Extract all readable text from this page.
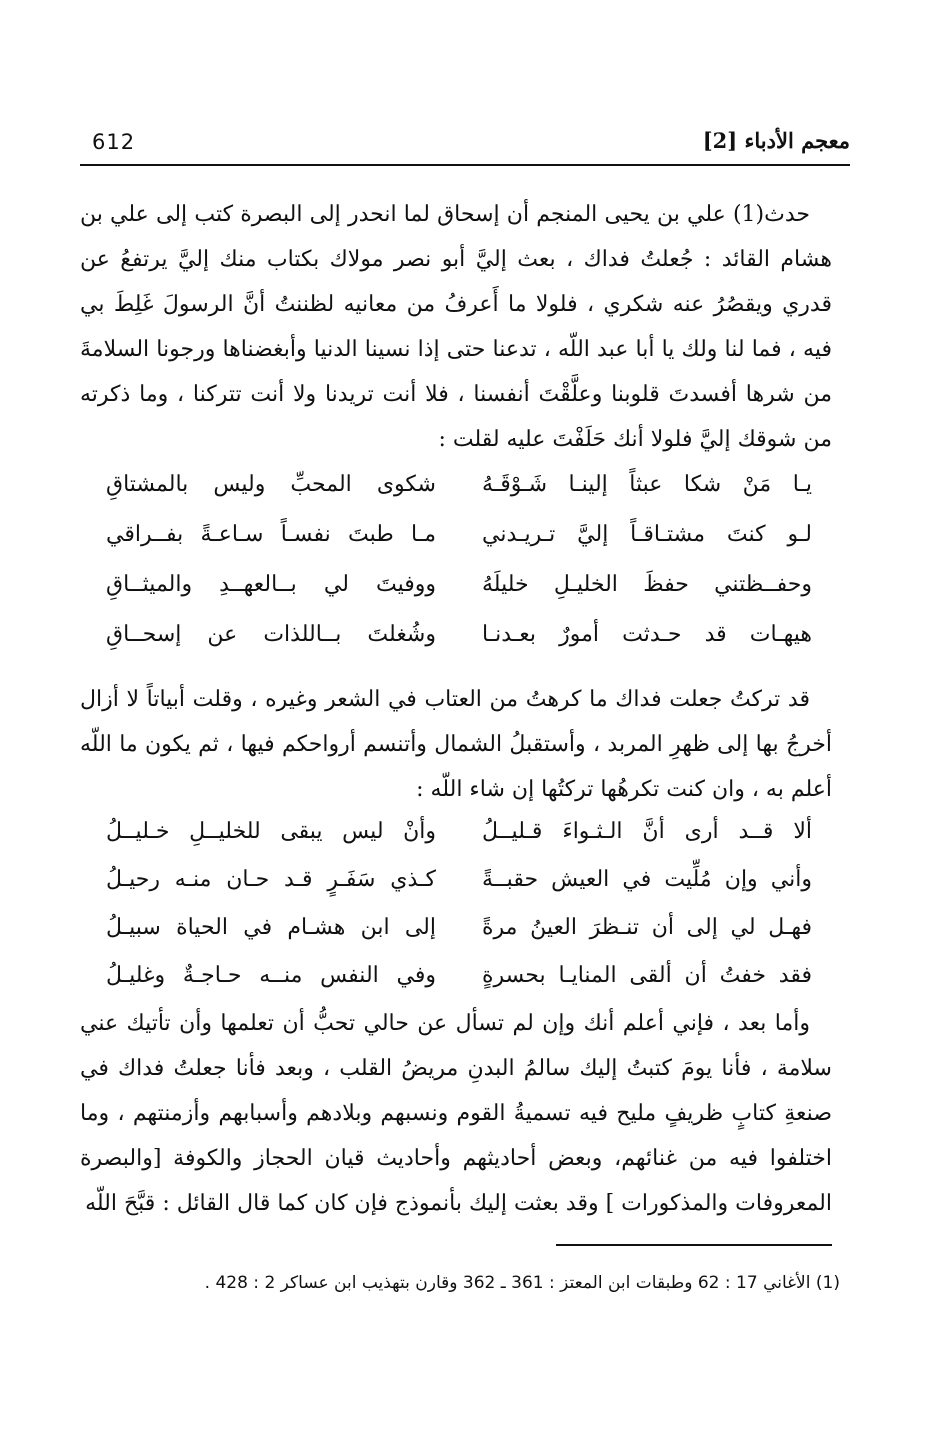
612	معجم الأدباء [2]

حدث(1) علي بن يحيى المنجم أن إسحاق لما انحدر إلى البصرة كتب إلى علي بن هشام القائد : جُعلتُ فداك ، بعث إليَّ أبو نصر مولاك بكتاب منك إليَّ يرتفعُ عن قدري ويقصُرُ عنه شكري ، فلولا ما أَعرفُ من معانيه لظننتُ أنَّ الرسولَ غَلِطَ بي فيه ، فما لنا ولك يا أبا عبد اللّه ، تدعنا حتى إذا نسينا الدنيا وأبغضناها ورجونا السلامةَ من شرها أفسدتَ قلوبنا وعلَّقْتَ أنفسنا ، فلا أنت تريدنا ولا أنت تتركنا ، وما ذكرته من شوقك إليَّ فلولا أنك حَلَفْتَ عليه لقلت :

يـا مَنْ شكا عبثاً إلينـا شَـوْقَـهُ
شكوى المحبِّ وليس بالمشتاقِ
لـو كنتَ مشتـاقـاً إليَّ تـريـدني
مـا طبتَ نفسـاً سـاعـةً بفــراقي
وحفــظتني حفظَ الخليـلِ خليلَهُ
ووفيتَ لي بــالعهــدِ والميثــاقِ
هيهـات قد حـدثت أمورٌ بعـدنـا
وشُغلتَ بــاللذات عن إسحــاقِ

قد تركتُ جعلت فداك ما كرهتُ من العتاب في الشعر وغيره ، وقلت أبياتاً لا أزال أخرجُ بها إلى ظهرِ المربد ، وأستقبلُ الشمال وأتنسم أرواحكم فيها ، ثم يكون ما اللّه أعلم به ، وان كنت تكرهُها تركتُها إن شاء اللّه :

ألا قــد أرى أنَّ الـثـواءَ قـليــلُ
وأنْ ليس يبقى للخليــلِ خـليــلُ
وأني وإن مُلِّيت في العيش حقبــةً
كـذي سَفَـرٍ قـد حـان منـه رحيـلُ
فهـل لي إلى أن تنـظرَ العينُ مرةً
إلى ابن هشـام في الحياة سبيـلُ
فقد خفتُ أن ألقى المنايـا بحسرةٍ
وفي النفس منــه حـاجـةٌ وغليـلُ

وأما بعد ، فإني أعلم أنك وإن لم تسأل عن حالي تحبُّ أن تعلمها وأن تأتيك عني سلامة ، فأنا يومَ كتبتُ إليك سالمُ البدنِ مريضُ القلب ، وبعد فأنا جعلتُ فداك في صنعةِ كتابٍ ظريفٍ مليح فيه تسميةُ القوم ونسبهم وبلادهم وأسبابهم وأزمنتهم ، وما اختلفوا فيه من غنائهم، وبعض أحاديثهم وأحاديث قيان الحجاز والكوفة [والبصرة المعروفات والمذكورات ] وقد بعثت إليك بأنموذج فإن كان كما قال القائل : قبَّحَ اللّه

(1) الأغاني 17 : 62 وطبقات ابن المعتز : 361 ـ 362 وقارن بتهذيب ابن عساكر 2 : 428 .
